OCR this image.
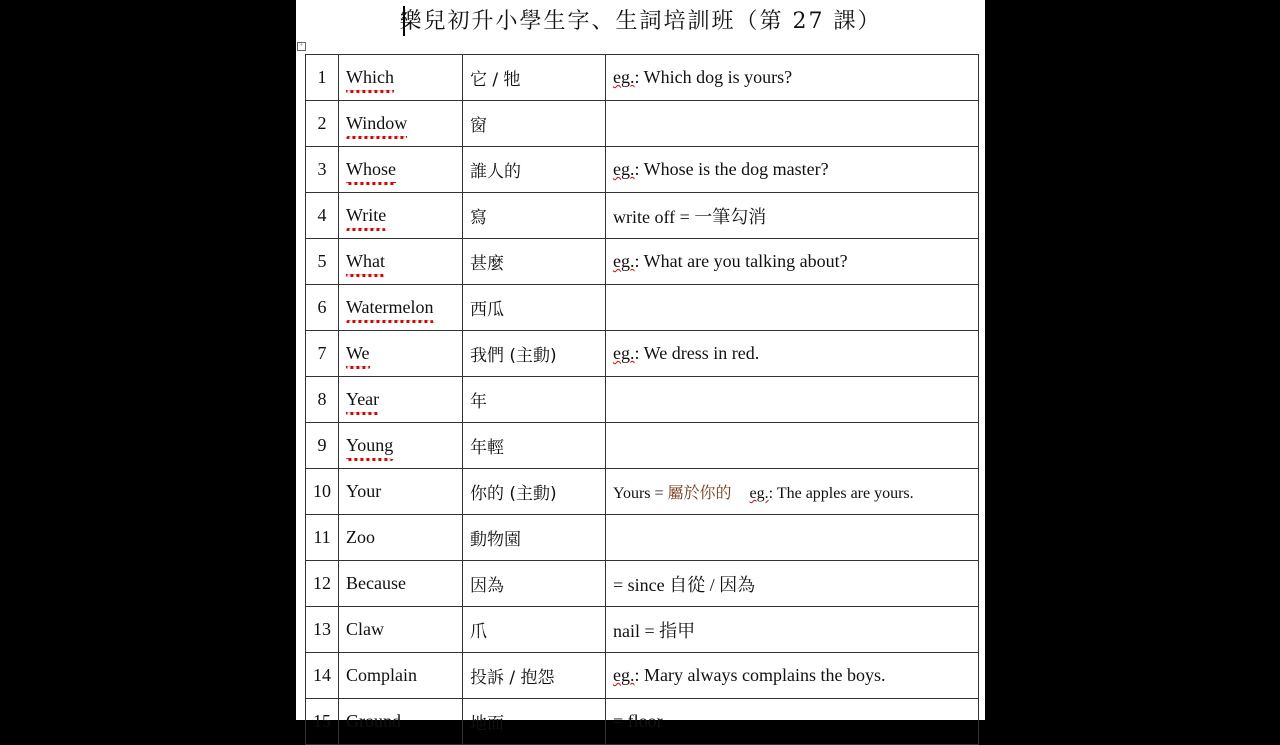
樂兒初升小學生字、生詞培訓班（第 27 課）
+
1	Which	它 / 牠	eg.: Which dog is yours?
2	Window	窗	
3	Whose	誰人的	eg.: Whose is the dog master?
4	Write	寫	write off = 一筆勾消
5	What	甚麼	eg.: What are you talking about?
6	Watermelon	西瓜	
7	We	我們 (主動)	eg.: We dress in red.
8	Year	年	
9	Young	年輕	
10	Your	你的 (主動)	Yours = 屬於你的 eg.: The apples are yours.
11	Zoo	動物園	
12	Because	因為	= since 自從 / 因為
13	Claw	爪	nail = 指甲
14	Complain	投訴 / 抱怨	eg.: Mary always complains the boys.
15	Ground	地面	= floor
